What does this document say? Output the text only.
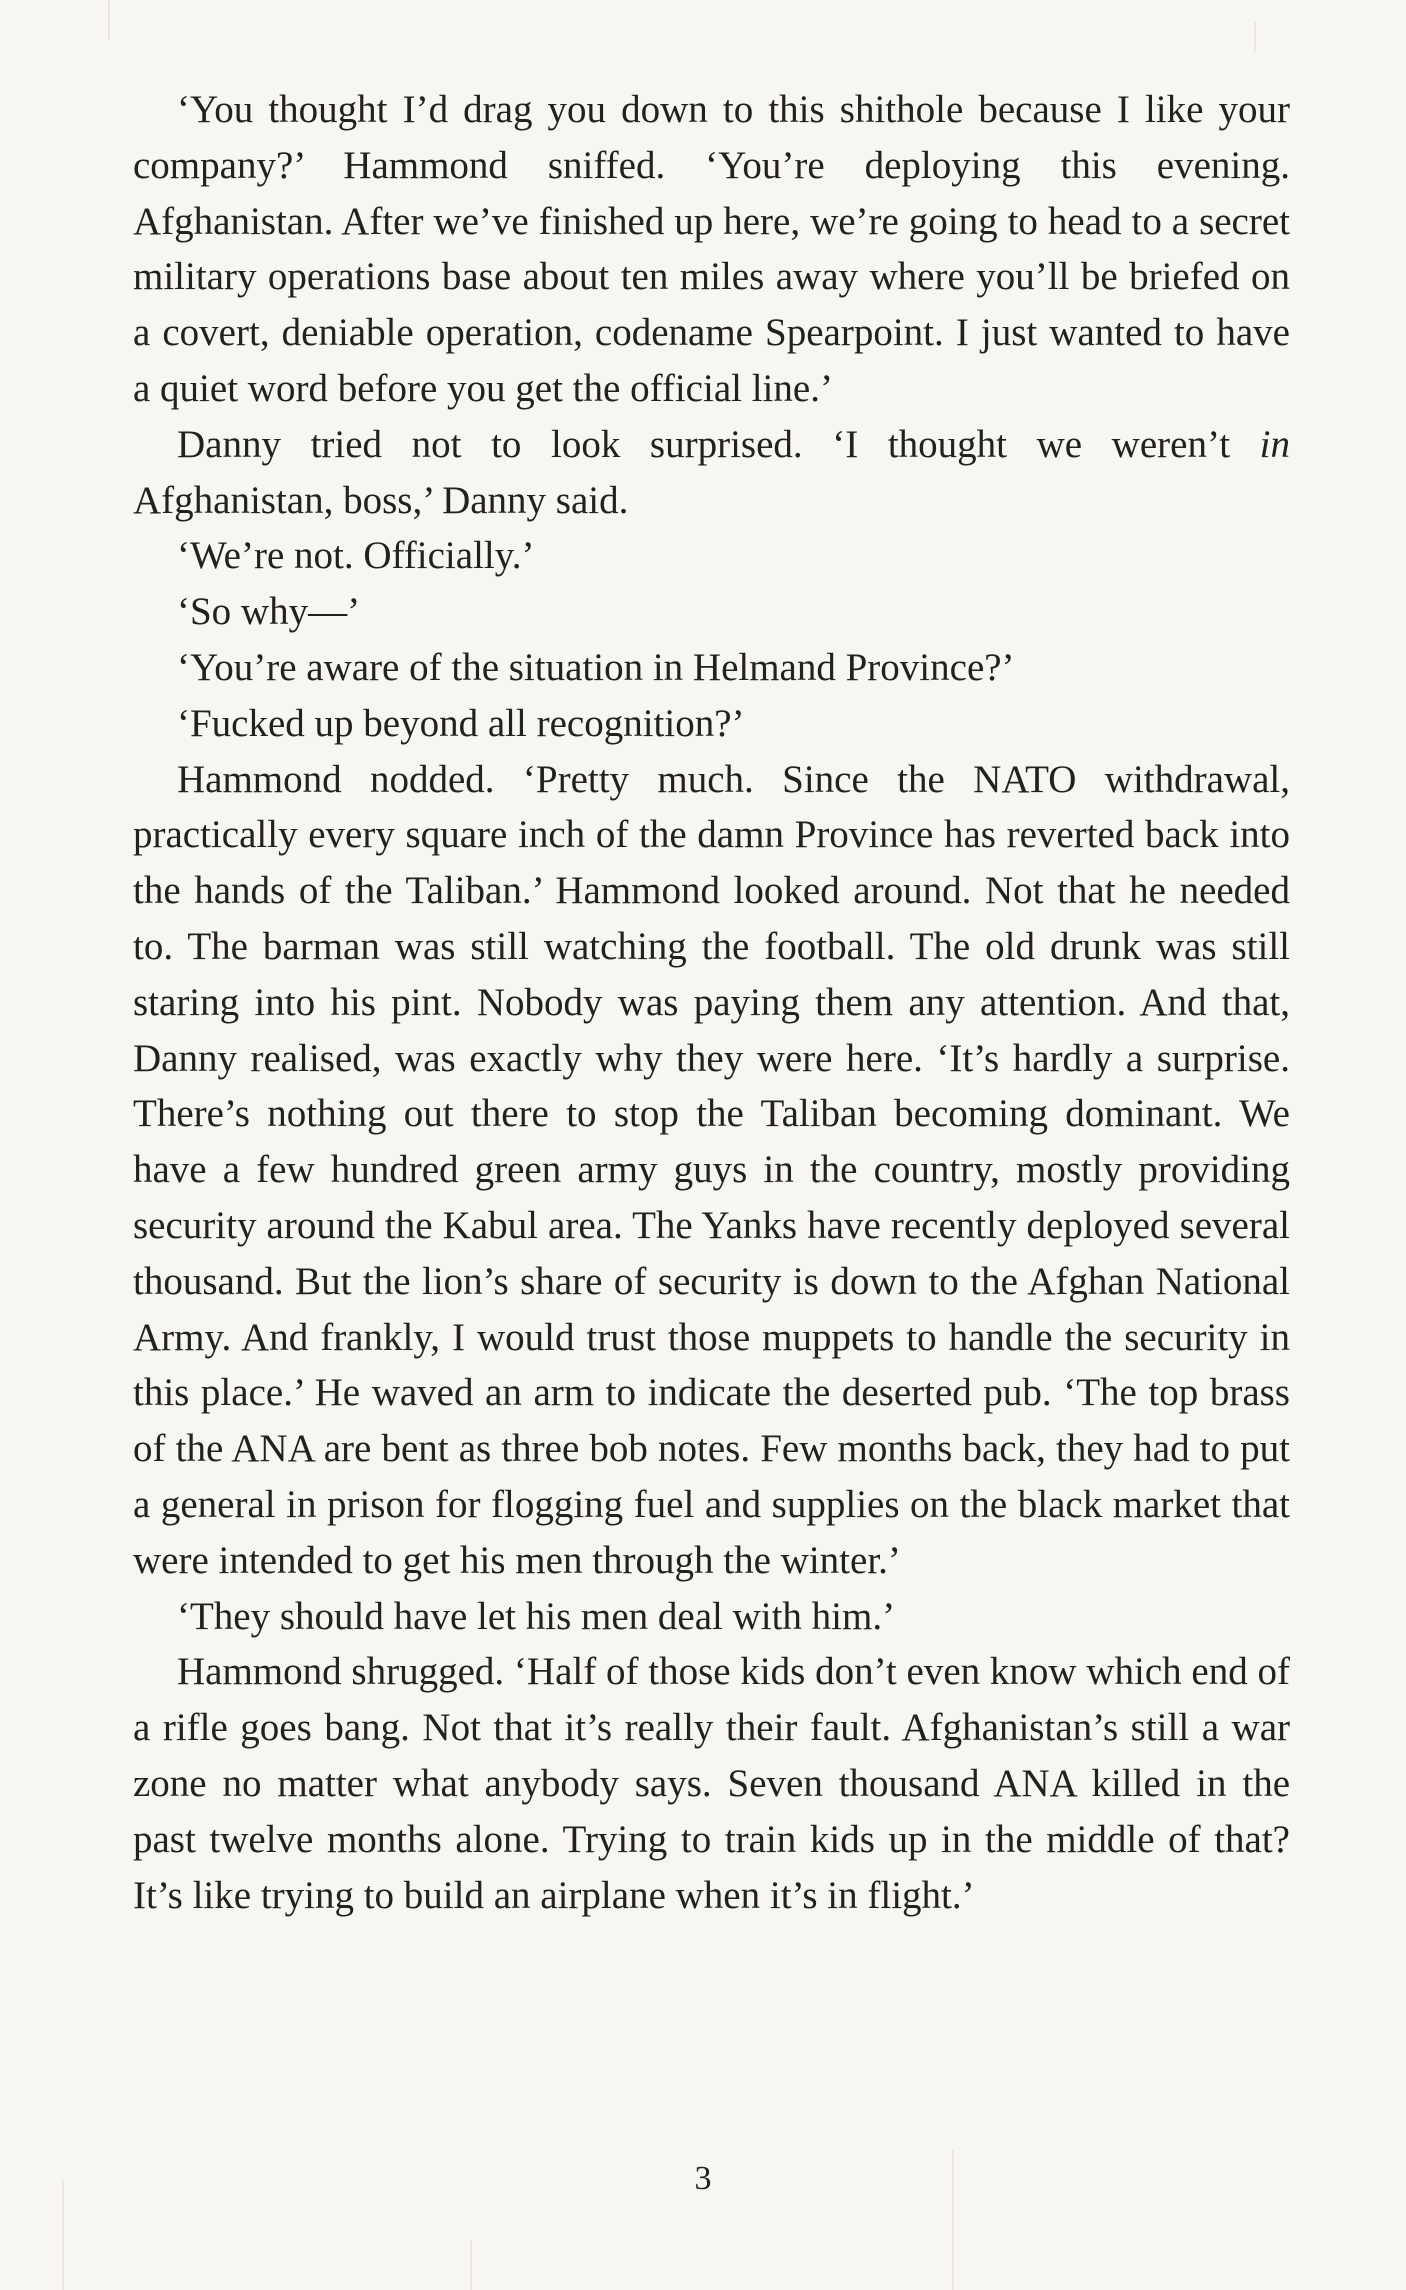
‘You thought I’d drag you down to this shithole because I like your company?’ Hammond sniffed. ‘You’re deploying this evening. Afghanistan. After we’ve finished up here, we’re going to head to a secret military operations base about ten miles away where you’ll be briefed on a covert, deniable operation, codename Spearpoint. I just wanted to have a quiet word before you get the official line.’

Danny tried not to look surprised. ‘I thought we weren’t in Afghanistan, boss,’ Danny said.

‘We’re not. Officially.’

‘So why—’

‘You’re aware of the situation in Helmand Province?’

‘Fucked up beyond all recognition?’

Hammond nodded. ‘Pretty much. Since the NATO withdrawal, practically every square inch of the damn Province has reverted back into the hands of the Taliban.’ Hammond looked around. Not that he needed to. The barman was still watching the football. The old drunk was still staring into his pint. Nobody was paying them any attention. And that, Danny realised, was exactly why they were here. ‘It’s hardly a surprise. There’s nothing out there to stop the Taliban becoming dominant. We have a few hundred green army guys in the country, mostly providing security around the Kabul area. The Yanks have recently deployed several thousand. But the lion’s share of security is down to the Afghan National Army. And frankly, I would trust those muppets to handle the security in this place.’ He waved an arm to indicate the deserted pub. ‘The top brass of the ANA are bent as three bob notes. Few months back, they had to put a general in prison for flogging fuel and supplies on the black market that were intended to get his men through the winter.’

‘They should have let his men deal with him.’

Hammond shrugged. ‘Half of those kids don’t even know which end of a rifle goes bang. Not that it’s really their fault. Afghanistan’s still a war zone no matter what anybody says. Seven thousand ANA killed in the past twelve months alone. Trying to train kids up in the middle of that? It’s like trying to build an airplane when it’s in flight.’

3
